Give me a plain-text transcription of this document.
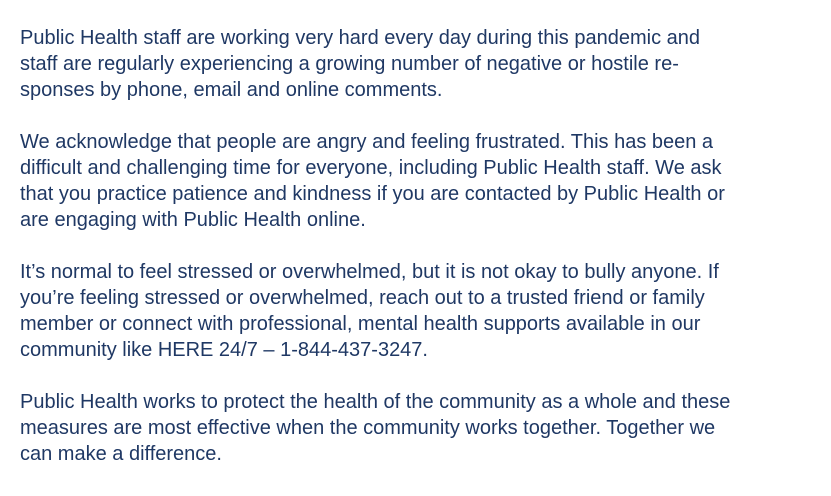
Public Health staff are working very hard every day during this pandemic and
staff are regularly experiencing a growing number of negative or hostile re-
sponses by phone, email and online comments.

We acknowledge that people are angry and feeling frustrated. This has been a
difficult and challenging time for everyone, including Public Health staff. We ask
that you practice patience and kindness if you are contacted by Public Health or
are engaging with Public Health online.

It’s normal to feel stressed or overwhelmed, but it is not okay to bully anyone. If
you’re feeling stressed or overwhelmed, reach out to a trusted friend or family
member or connect with professional, mental health supports available in our
community like HERE 24/7 – 1-844-437-3247.

Public Health works to protect the health of the community as a whole and these
measures are most effective when the community works together. Together we
can make a difference.
